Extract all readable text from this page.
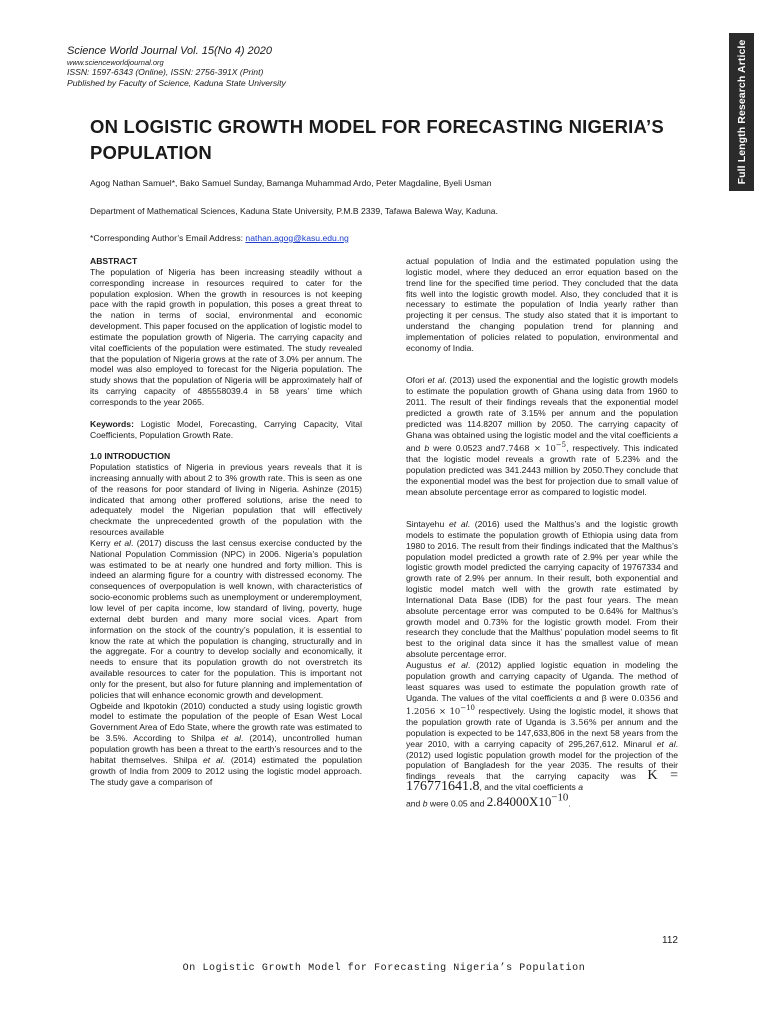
Science World Journal Vol. 15(No 4) 2020
www.scienceworldjournal.org
ISSN: 1597-6343 (Online), ISSN: 2756-391X (Print)
Published by Faculty of Science, Kaduna State University	Full Length Research Article
ON LOGISTIC GROWTH MODEL FOR FORECASTING NIGERIA’S POPULATION
Agog Nathan Samuel*, Bako Samuel Sunday, Bamanga Muhammad Ardo, Peter Magdaline, Byeli Usman
Department of Mathematical Sciences, Kaduna State University, P.M.B 2339, Tafawa Balewa Way, Kaduna.
*Corresponding Author’s Email Address: nathan.agog@kasu.edu.ng

ABSTRACT

The population of Nigeria has been increasing steadily without a corresponding increase in resources required to cater for the population explosion. When the growth in resources is not keeping pace with the rapid growth in population, this poses a great threat to the nation in terms of social, environmental and economic development. This paper focused on the application of logistic model to estimate the population growth of Nigeria. The carrying capacity and vital coefficients of the population were estimated. The study revealed that the population of Nigeria grows at the rate of 3.0% per annum. The model was also employed to forecast for the Nigeria population. The study shows that the population of Nigeria will be approximately half of its carrying capacity of 485558039.4 in 58 years’ time which corresponds to the year 2065.

Keywords: Logistic Model, Forecasting, Carrying Capacity, Vital Coefficients, Population Growth Rate.

1.0 INTRODUCTION

Population statistics of Nigeria in previous years reveals that it is increasing annually with about 2 to 3% growth rate. This is seen as one of the reasons for poor standard of living in Nigeria. Ashinze (2015) indicated that among other proffered solutions, arise the need to adequately model the Nigerian population that will effectively checkmate the unprecedented growth of the population with the resources available

Kerry et al. (2017) discuss the last census exercise conducted by the National Population Commission (NPC) in 2006. Nigeria’s population was estimated to be at nearly one hundred and forty million. This is indeed an alarming figure for a country with distressed economy. The consequences of overpopulation is well known, with characteristics of socio-economic problems such as unemployment or underemployment, low level of per capita income, low standard of living, poverty, huge external debt burden and many more social vices. Apart from information on the stock of the country’s population, it is essential to know the rate at which the population is changing, structurally and in the aggregate. For a country to develop socially and economically, it needs to ensure that its population growth do not overstretch its available resources to cater for the population. This is important not only for the present, but also for future planning and implementation of policies that will enhance economic growth and development.

Ogbeide and Ikpotokin (2010) conducted a study using logistic growth model to estimate the population of the people of Esan West Local Government Area of Edo State, where the growth rate was estimated to be 3.5%. According to Shilpa et al. (2014), uncontrolled human population growth has been a threat to the earth’s resources and to the habitat themselves. Shilpa et al. (2014) estimated the population growth of India from 2009 to 2012 using the logistic model approach. The study gave a comparison of

actual population of India and the estimated population using the logistic model, where they deduced an error equation based on the trend line for the specified time period. They concluded that the data fits well into the logistic growth model. Also, they concluded that it is necessary to estimate the population of India yearly rather than projecting it per census. The study also stated that it is important to understand the changing population trend for planning and implementation of policies related to population, environmental and economy of India.

Ofori et al. (2013) used the exponential and the logistic growth models to estimate the population growth of Ghana using data from 1960 to 2011. The result of their findings reveals that the exponential model predicted a growth rate of 3.15% per annum and the population predicted was 114.8207 million by 2050. The carrying capacity of Ghana was obtained using the logistic model and the vital coefficients a and b were 0.0523 $and7.7468 \times 10^{-5}$, respectively. This indicated that the logistic model reveals a growth rate of 5.23% and the population predicted was 341.2443 million by 2050.They conclude that the exponential model was the best for projection due to small value of mean absolute percentage error as compared to logistic model.

Sintayehu et al. (2016) used the Malthus’s and the logistic growth models to estimate the population growth of Ethiopia using data from 1980 to 2016. The result from their findings indicated that the Malthus’s population model predicted a growth rate of 2.9% per year while the logistic growth model predicted the carrying capacity of 19767334 and growth rate of 2.9% per annum. In their result, both exponential and logistic model match well with the growth rate estimated by International Data Base (IDB) for the past four years. The mean absolute percentage error was computed to be 0.64% for Malthus’s growth model and 0.73% for the logistic growth model. From their research they conclude that the Malthus’ population model seems to fit best to the original data since it has the smallest value of mean absolute percentage error.

Augustus et al. (2012) applied logistic equation in modeling the population growth and carrying capacity of Uganda. The method of least squares was used to estimate the population growth rate of Uganda. The values of the vital coefficients α and β were 0.0356 and $1.2056 \times 10^{-10}$ respectively. Using the logistic model, it shows that the population growth rate of Uganda is 3.56% per annum and the population is expected to be 147,633,806 in the next 58 years from the year 2010, with a carrying capacity of 295,267,612. Minarul et al. (2012) used logistic population growth model for the projection of the population of Bangladesh for the year 2035. The results of their findings reveals that the carrying capacity was K = 176771641.8, and the vital coefficients a
and b were 0.05 and $2.84000X10^{-10}$.

112
On Logistic Growth Model for Forecasting Nigeria’s Population
